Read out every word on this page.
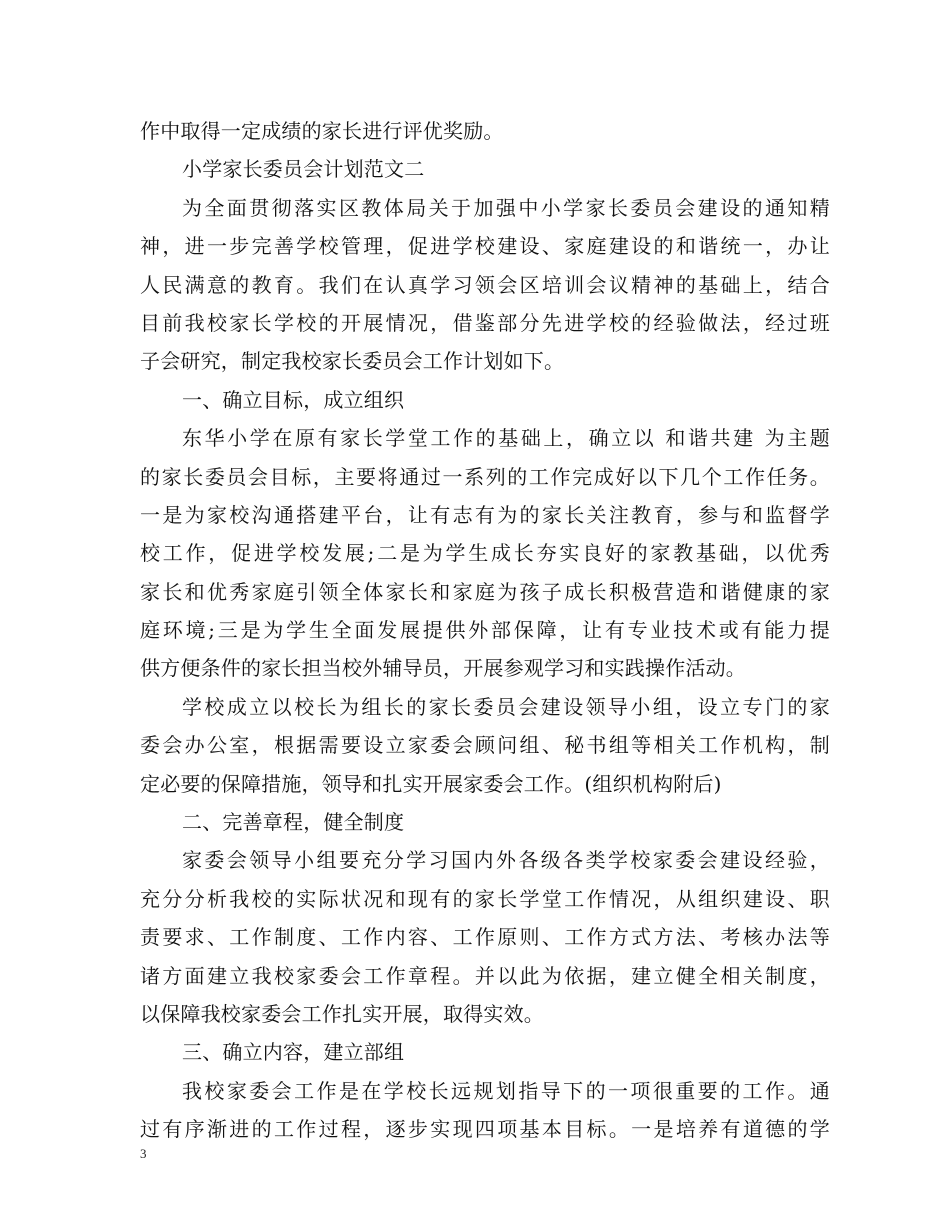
作中取得一定成绩的家长进行评优奖励。
小学家长委员会计划范文二
为全面贯彻落实区教体局关于加强中小学家长委员会建设的通知精
神，进一步完善学校管理，促进学校建设、家庭建设的和谐统一，办让
人民满意的教育。我们在认真学习领会区培训会议精神的基础上，结合
目前我校家长学校的开展情况，借鉴部分先进学校的经验做法，经过班
子会研究，制定我校家长委员会工作计划如下。
一、确立目标，成立组织
东华小学在原有家长学堂工作的基础上，确立以 和谐共建 为主题
的家长委员会目标，主要将通过一系列的工作完成好以下几个工作任务。
一是为家校沟通搭建平台，让有志有为的家长关注教育，参与和监督学
校工作，促进学校发展;二是为学生成长夯实良好的家教基础，以优秀
家长和优秀家庭引领全体家长和家庭为孩子成长积极营造和谐健康的家
庭环境;三是为学生全面发展提供外部保障，让有专业技术或有能力提
供方便条件的家长担当校外辅导员，开展参观学习和实践操作活动。
学校成立以校长为组长的家长委员会建设领导小组，设立专门的家
委会办公室，根据需要设立家委会顾问组、秘书组等相关工作机构，制
定必要的保障措施，领导和扎实开展家委会工作。(组织机构附后)
二、完善章程，健全制度
家委会领导小组要充分学习国内外各级各类学校家委会建设经验，
充分分析我校的实际状况和现有的家长学堂工作情况，从组织建设、职
责要求、工作制度、工作内容、工作原则、工作方式方法、考核办法等
诸方面建立我校家委会工作章程。并以此为依据，建立健全相关制度，
以保障我校家委会工作扎实开展，取得实效。
三、确立内容，建立部组
我校家委会工作是在学校长远规划指导下的一项很重要的工作。通
过有序渐进的工作过程，逐步实现四项基本目标。一是培养有道德的学
3
